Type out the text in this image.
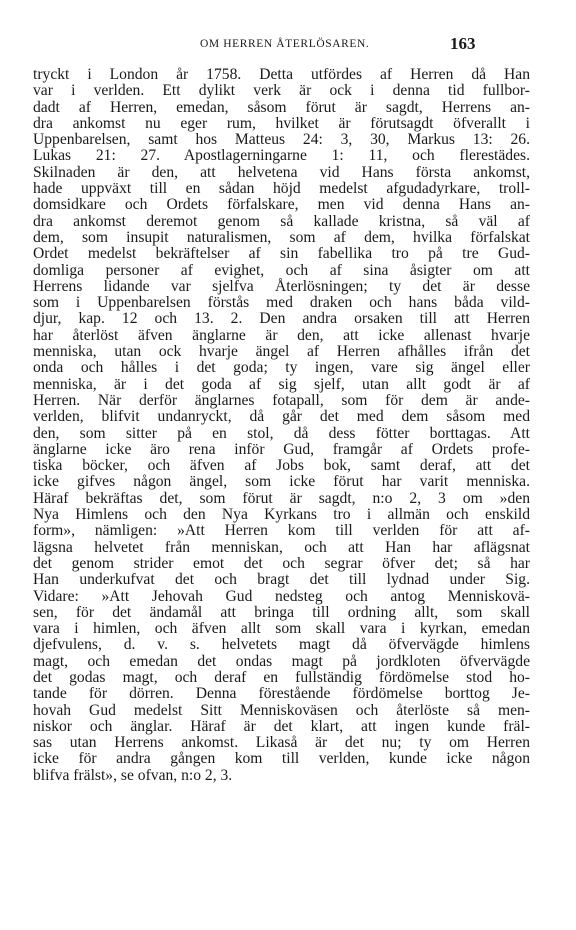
OM HERREN ÅTERLÖSAREN.	163
tryckt i London år 1758. Detta utfördes af Herren då Han
var i verlden. Ett dylikt verk är ock i denna tid fullbor-
dadt af Herren, emedan, såsom förut är sagdt, Herrens an-
dra ankomst nu eger rum, hvilket är förutsagdt öfverallt i
Uppenbarelsen, samt hos Matteus 24: 3, 30, Markus 13: 26.
Lukas 21: 27. Apostlagerningarne 1: 11, och flerestädes.
Skilnaden är den, att helvetena vid Hans första ankomst,
hade uppväxt till en sådan höjd medelst afgudadyrkare, troll-
domsidkare och Ordets förfalskare, men vid denna Hans an-
dra ankomst deremot genom så kallade kristna, så väl af
dem, som insupit naturalismen, som af dem, hvilka förfalskat
Ordet medelst bekräftelser af sin fabellika tro på tre Gud-
domliga personer af evighet, och af sina åsigter om att
Herrens lidande var sjelfva Återlösningen; ty det är desse
som i Uppenbarelsen förstås med draken och hans båda vild-
djur, kap. 12 och 13. 2. Den andra orsaken till att Herren
har återlöst äfven änglarne är den, att icke allenast hvarje
menniska, utan ock hvarje ängel af Herren afhålles ifrån det
onda och hålles i det goda; ty ingen, vare sig ängel eller
menniska, är i det goda af sig sjelf, utan allt godt är af
Herren. När derför änglarnes fotapall, som för dem är ande-
verlden, blifvit undanryckt, då går det med dem såsom med
den, som sitter på en stol, då dess fötter borttagas. Att
änglarne icke äro rena inför Gud, framgår af Ordets profe-
tiska böcker, och äfven af Jobs bok, samt deraf, att det
icke gifves någon ängel, som icke förut har varit menniska.
Häraf bekräftas det, som förut är sagdt, n:o 2, 3 om »den
Nya Himlens och den Nya Kyrkans tro i allmän och enskild
form», nämligen: »Att Herren kom till verlden för att af-
lägsna helvetet från menniskan, och att Han har aflägsnat
det genom strider emot det och segrar öfver det; så har
Han underkufvat det och bragt det till lydnad under Sig.
Vidare: »Att Jehovah Gud nedsteg och antog Menniskovä-
sen, för det ändamål att bringa till ordning allt, som skall
vara i himlen, och äfven allt som skall vara i kyrkan, emedan
djefvulens, d. v. s. helvetets magt då öfvervägde himlens
magt, och emedan det ondas magt på jordkloten öfvervägde
det godas magt, och deraf en fullständig fördömelse stod ho-
tande för dörren. Denna förestående fördömelse borttog Je-
hovah Gud medelst Sitt Menniskoväsen och återlöste så men-
niskor och änglar. Häraf är det klart, att ingen kunde fräl-
sas utan Herrens ankomst. Likaså är det nu; ty om Herren
icke för andra gången kom till verlden, kunde icke någon
blifva frälst», se ofvan, n:o 2, 3.
